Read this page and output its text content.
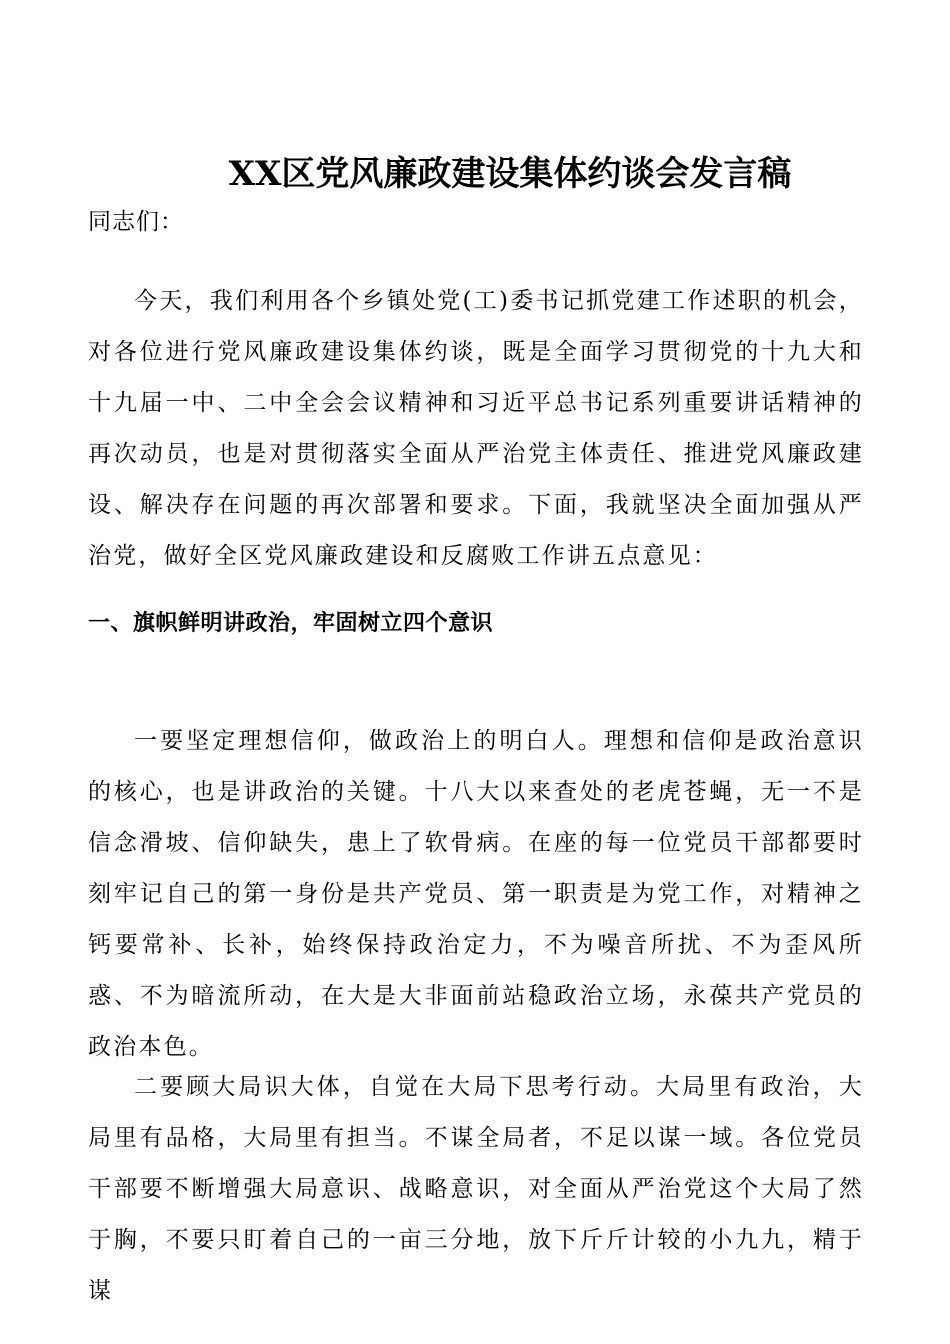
XX区党风廉政建设集体约谈会发言稿
同志们：

今天，我们利用各个乡镇处党(工)委书记抓党建工作述职的机会，对各位进行党风廉政建设集体约谈，既是全面学习贯彻党的十九大和十九届一中、二中全会会议精神和习近平总书记系列重要讲话精神的再次动员，也是对贯彻落实全面从严治党主体责任、推进党风廉政建设、解决存在问题的再次部署和要求。下面，我就坚决全面加强从严治党，做好全区党风廉政建设和反腐败工作讲五点意见：

一、旗帜鲜明讲政治，牢固树立四个意识

一要坚定理想信仰，做政治上的明白人。理想和信仰是政治意识的核心，也是讲政治的关键。十八大以来查处的老虎苍蝇，无一不是信念滑坡、信仰缺失，患上了软骨病。在座的每一位党员干部都要时刻牢记自己的第一身份是共产党员、第一职责是为党工作，对精神之钙要常补、长补，始终保持政治定力，不为噪音所扰、不为歪风所惑、不为暗流所动，在大是大非面前站稳政治立场，永葆共产党员的政治本色。

二要顾大局识大体，自觉在大局下思考行动。大局里有政治，大局里有品格，大局里有担当。不谋全局者，不足以谋一域。各位党员干部要不断增强大局意识、战略意识，对全面从严治党这个大局了然于胸，不要只盯着自己的一亩三分地，放下斤斤计较的小九九，精于谋
